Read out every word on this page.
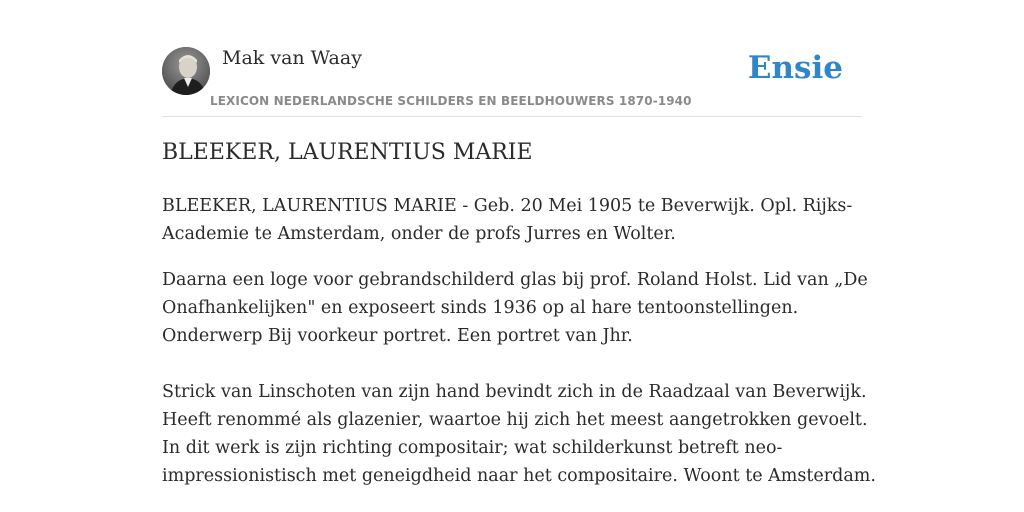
Mak van Waay
LEXICON NEDERLANDSCHE SCHILDERS EN BEELDHOUWERS 1870-1940
Ensie
BLEEKER, LAURENTIUS MARIE

BLEEKER, LAURENTIUS MARIE - Geb. 20 Mei 1905 te Beverwijk. Opl. Rijks-
Academie te Amsterdam, onder de profs Jurres en Wolter.

Daarna een loge voor gebrandschilderd glas bij prof. Roland Holst. Lid van „De
Onafhankelijken" en exposeert sinds 1936 op al hare tentoonstellingen.
Onderwerp Bij voorkeur portret. Een portret van Jhr.
Strick van Linschoten van zijn hand bevindt zich in de Raadzaal van Beverwijk.
Heeft renommé als glazenier, waartoe hij zich het meest aangetrokken gevoelt.
In dit werk is zijn richting compositair; wat schilderkunst betreft neo-
impressionistisch met geneigdheid naar het compositaire. Woont te Amsterdam.
